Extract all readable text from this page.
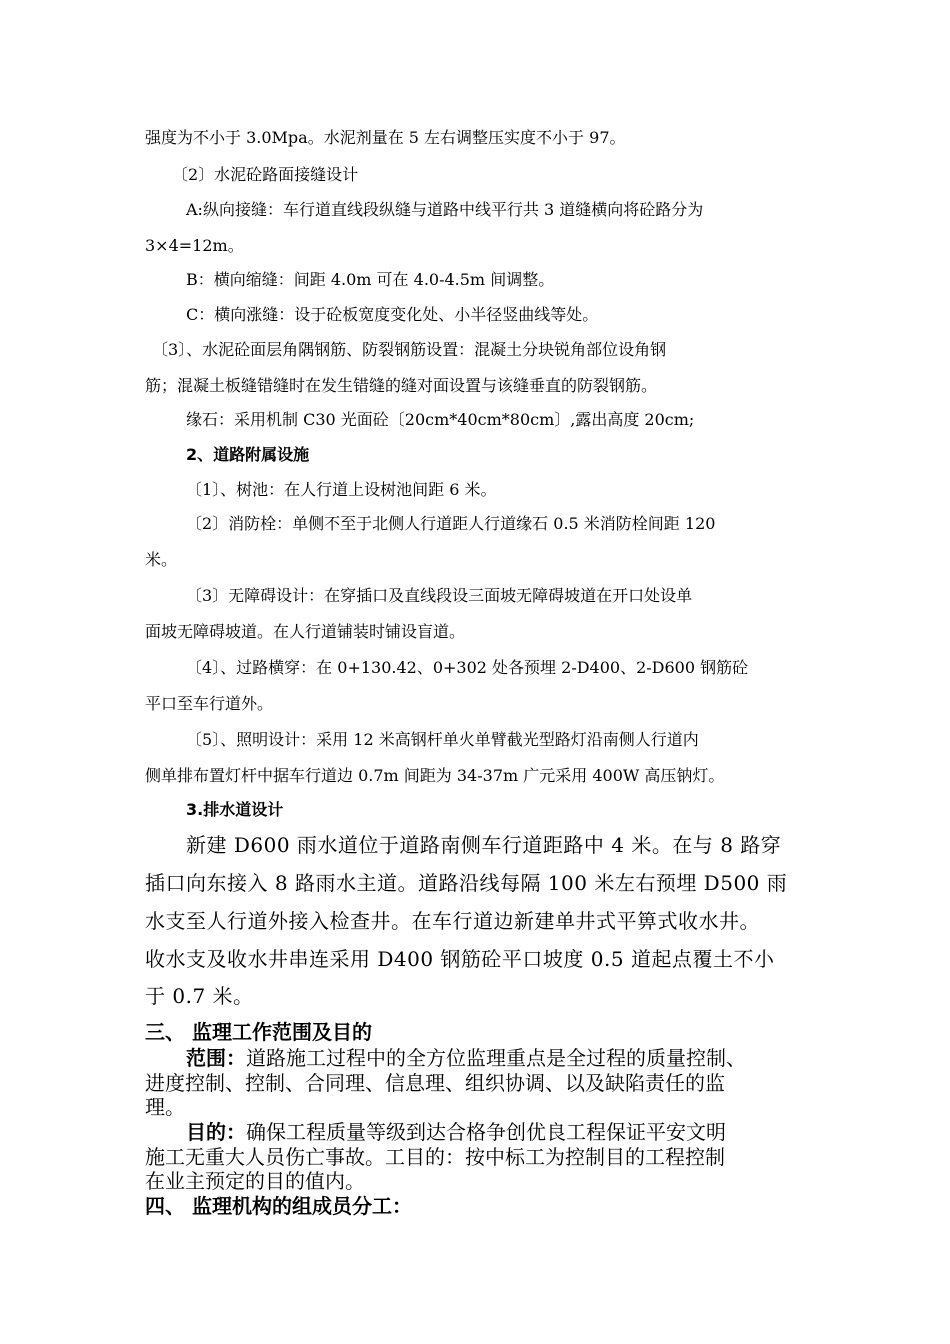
强度为不小于 3.0Mpa。水泥剂量在 5 左右调整压实度不小于 97。

〔2〕水泥砼路面接缝设计

A:纵向接缝：车行道直线段纵缝与道路中线平行共 3 道缝横向将砼路分为

3×4=12m。

B：横向缩缝：间距 4.0m 可在 4.0-4.5m 间调整。

C：横向涨缝：设于砼板宽度变化处、小半径竖曲线等处。

〔3〕、水泥砼面层角隅钢筋、防裂钢筋设置：混凝土分块锐角部位设角钢

筋；混凝土板缝错缝时在发生错缝的缝对面设置与该缝垂直的防裂钢筋。

缘石：采用机制 C30 光面砼〔20cm*40cm*80cm〕,露出高度 20cm;

2、道路附属设施

〔1〕、树池：在人行道上设树池间距 6 米。

〔2〕消防栓：单侧不至于北侧人行道距人行道缘石 0.5 米消防栓间距 120

米。

〔3〕无障碍设计：在穿插口及直线段设三面坡无障碍坡道在开口处设单

面坡无障碍坡道。在人行道铺装时铺设盲道。

〔4〕、过路横穿：在 0+130.42、0+302 处各预埋 2-D400、2-D600 钢筋砼

平口至车行道外。

〔5〕、照明设计：采用 12 米高钢杆单火单臂截光型路灯沿南侧人行道内

侧单排布置灯杆中据车行道边 0.7m 间距为 34-37m 广元采用 400W 高压钠灯。

3.排水道设计

新建 D600 雨水道位于道路南侧车行道距路中 4 米。在与 8 路穿

插口向东接入 8 路雨水主道。道路沿线每隔 100 米左右预埋 D500 雨

水支至人行道外接入检查井。在车行道边新建单井式平箅式收水井。

收水支及收水井串连采用 D400 钢筋砼平口坡度 0.5 道起点覆土不小

于 0.7 米。

三、 监理工作范围及目的

范围：道路施工过程中的全方位监理重点是全过程的质量控制、

进度控制、控制、合同理、信息理、组织协调、以及缺陷责任的监

理。

目的：确保工程质量等级到达合格争创优良工程保证平安文明

施工无重大人员伤亡事故。工目的：按中标工为控制目的工程控制

在业主预定的目的值内。

四、 监理机构的组成员分工：
